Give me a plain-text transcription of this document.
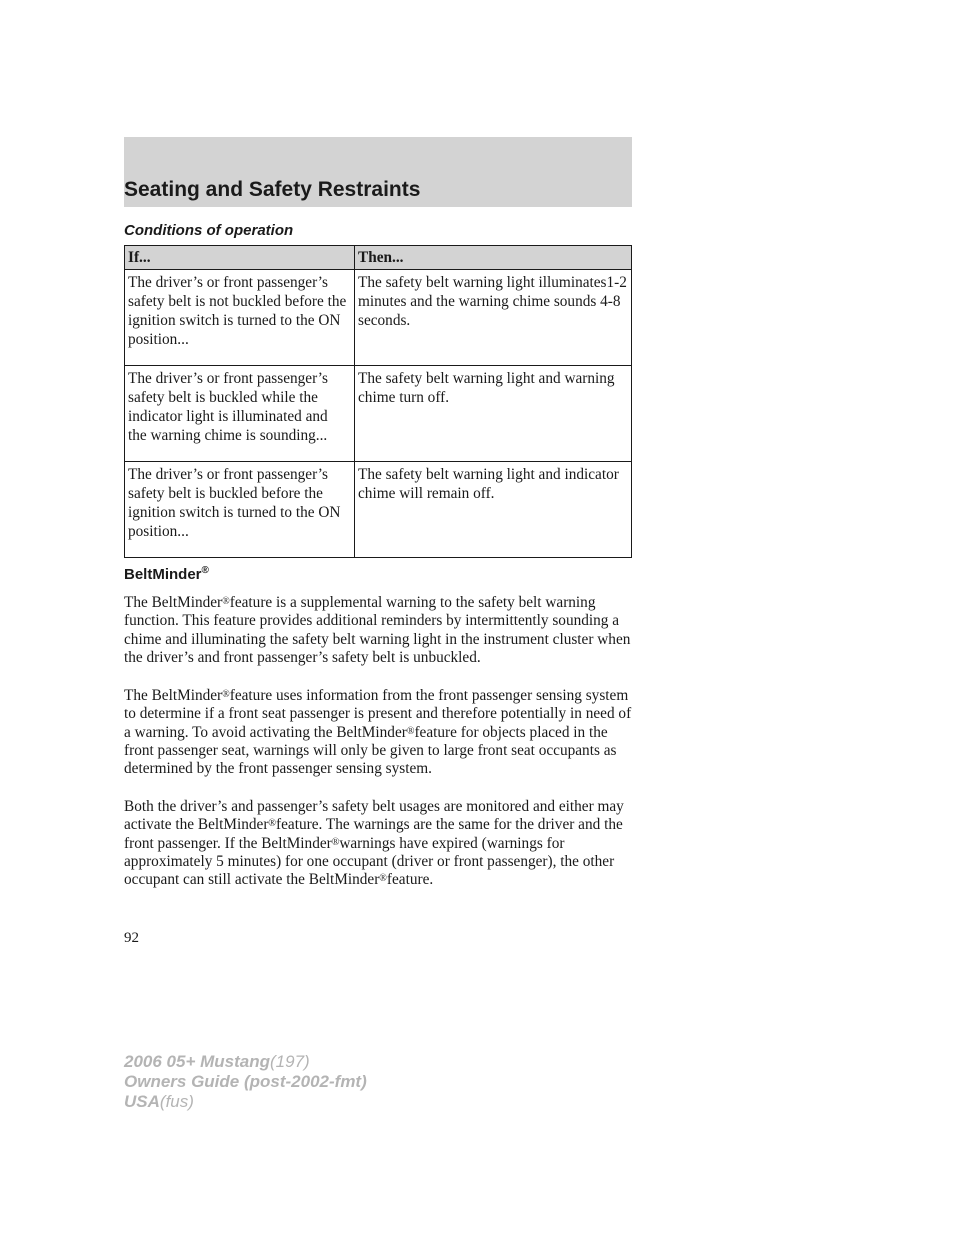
Seating and Safety Restraints
Conditions of operation
If...	Then...
The driver’s or front passenger’s safety belt is not buckled before the ignition switch is turned to the ON position...	The safety belt warning light illuminates1-2 minutes and the warning chime sounds 4-8 seconds.
The driver’s or front passenger’s safety belt is buckled while the indicator light is illuminated and the warning chime is sounding...	The safety belt warning light and warning chime turn off.
The driver’s or front passenger’s safety belt is buckled before the ignition switch is turned to the ON position...	The safety belt warning light and indicator chime will remain off.
BeltMinder®

The BeltMinder®feature is a supplemental warning to the safety belt warning function. This feature provides additional reminders by intermittently sounding a chime and illuminating the safety belt warning light in the instrument cluster when the driver’s and front passenger’s safety belt is unbuckled.

The BeltMinder®feature uses information from the front passenger sensing system to determine if a front seat passenger is present and therefore potentially in need of a warning. To avoid activating the BeltMinder®feature for objects placed in the front passenger seat, warnings will only be given to large front seat occupants as determined by the front passenger sensing system.

Both the driver’s and passenger’s safety belt usages are monitored and either may activate the BeltMinder®feature. The warnings are the same for the driver and the front passenger. If the BeltMinder®warnings have expired (warnings for approximately 5 minutes) for one occupant (driver or front passenger), the other occupant can still activate the BeltMinder®feature.

92
2006 05+ Mustang(197)
Owners Guide (post-2002-fmt)
USA(fus)
